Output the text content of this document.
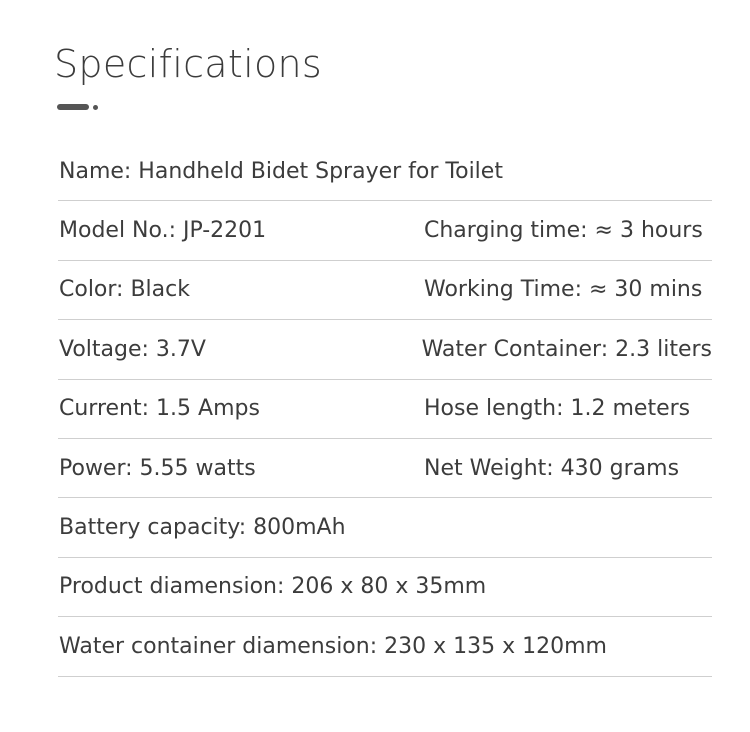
Specifications
Name: Handheld Bidet Sprayer for Toilet
Model No.: JP-2201	Charging time: ≈ 3 hours
Color: Black	Working Time: ≈ 30 mins
Voltage: 3.7V	Water Container: 2.3 liters
Current: 1.5 Amps	Hose length: 1.2 meters
Power: 5.55 watts	Net Weight: 430 grams
Battery capacity: 800mAh
Product diamension: 206 x 80 x 35mm
Water container diamension: 230 x 135 x 120mm
